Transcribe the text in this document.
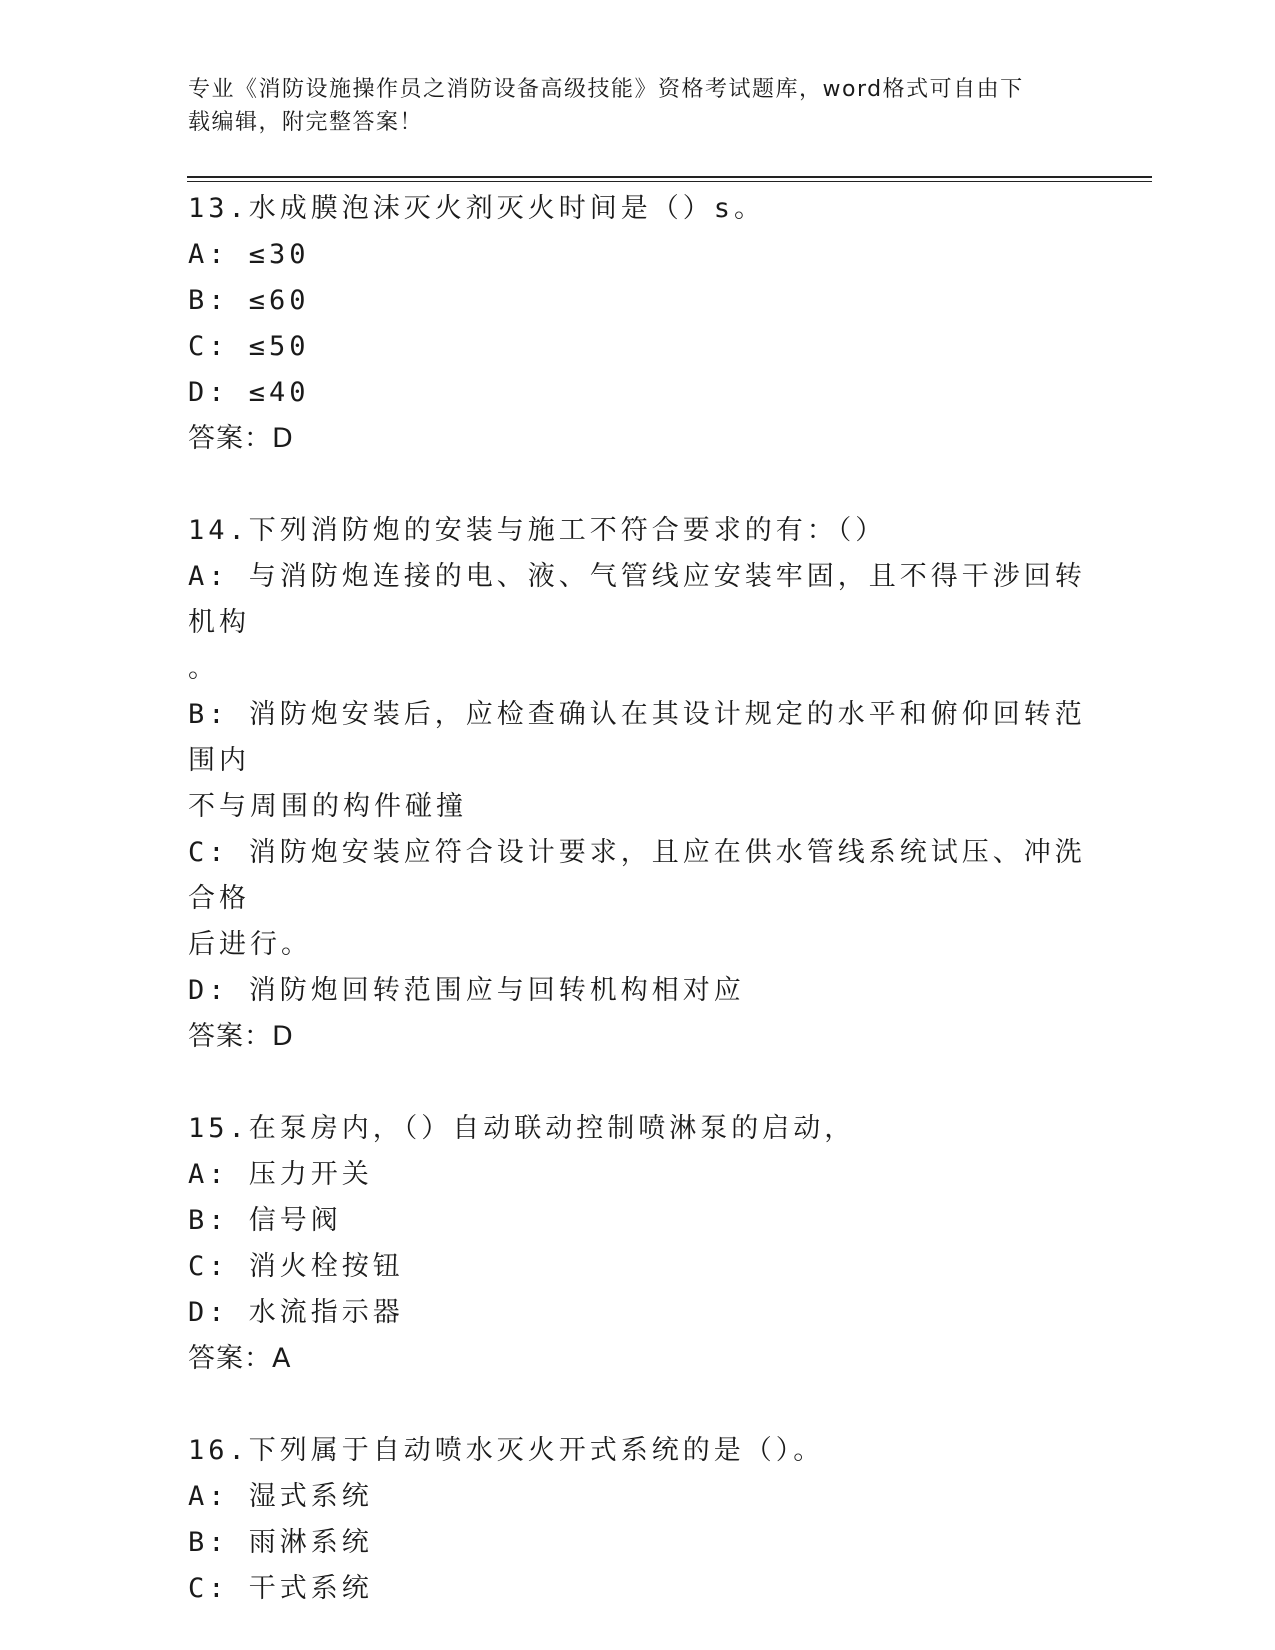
专业《消防设施操作员之消防设备高级技能》资格考试题库，word格式可自由下
载编辑，附完整答案！
13.水成膜泡沫灭火剂灭火时间是（）s。
A: ≤30
B: ≤60
C: ≤50
D: ≤40
答案：D
14.下列消防炮的安装与施工不符合要求的有：（）
A: 与消防炮连接的电、液、气管线应安装牢固，且不得干涉回转机构
。
B: 消防炮安装后，应检查确认在其设计规定的水平和俯仰回转范围内
不与周围的构件碰撞
C: 消防炮安装应符合设计要求，且应在供水管线系统试压、冲洗合格
后进行。
D: 消防炮回转范围应与回转机构相对应
答案：D
15.在泵房内，（）自动联动控制喷淋泵的启动，
A: 压力开关
B: 信号阀
C: 消火栓按钮
D: 水流指示器
答案：A
16.下列属于自动喷水灭火开式系统的是（）。
A: 湿式系统
B: 雨淋系统
C: 干式系统
